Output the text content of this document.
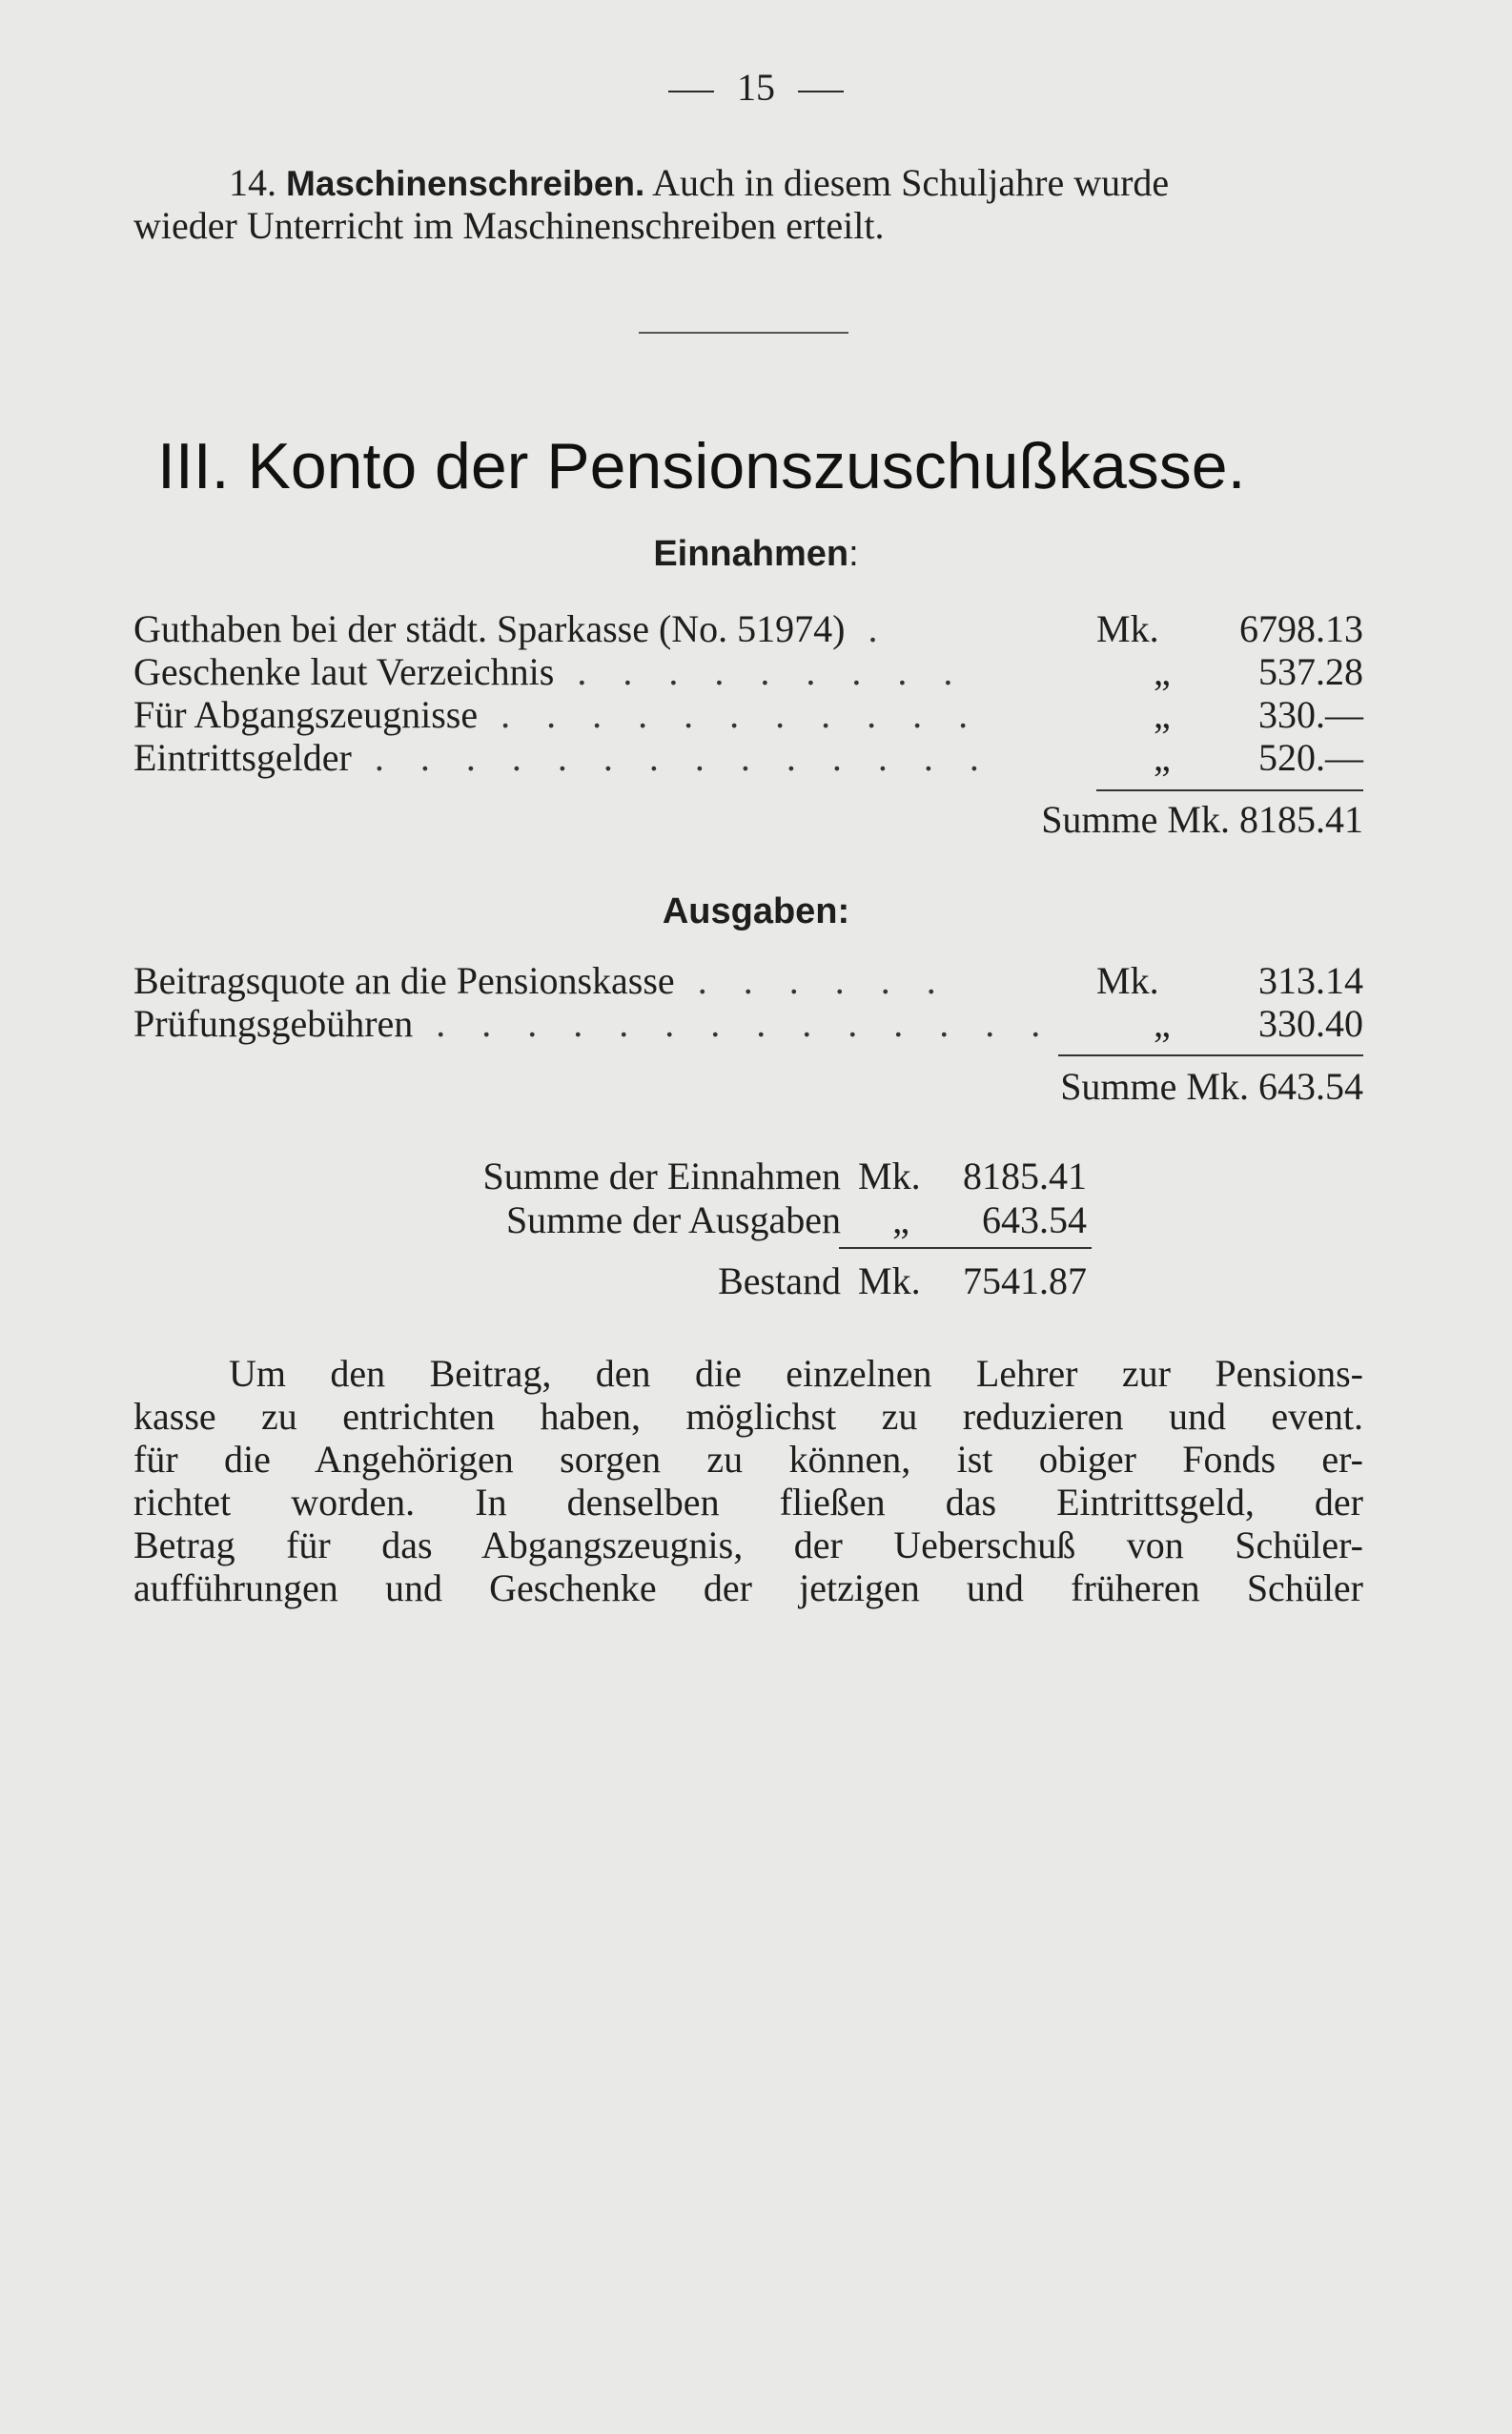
15
14. Maschinenschreiben. Auch in diesem Schuljahre wurde
wieder Unterricht im Maschinenschreiben erteilt.
III. Konto der Pensionszuschußkasse.
Einnahmen:
Guthaben bei der städt. Sparkasse (No. 51974) .	Mk.	6798.13
Geschenke laut Verzeichnis . . . . . . . . .	„	537.28
Für Abgangszeugnisse . . . . . . . . . . .	„	330.—
Eintrittsgelder . . . . . . . . . . . . . .	„	520.—
Summe Mk. 8185.41
Ausgaben:
Beitragsquote an die Pensionskasse . . . . . .	Mk.	313.14
Prüfungsgebühren . . . . . . . . . . . . . .	„	330.40
Summe Mk. 643.54
Summe der Einnahmen Mk.	8185.41
Summe der Ausgaben	„	643.54
Bestand Mk.	7541.87

Um den Beitrag, den die einzelnen Lehrer zur Pensions-

kasse zu entrichten haben, möglichst zu reduzieren und event.

für die Angehörigen sorgen zu können, ist obiger Fonds er-

richtet worden. In denselben fließen das Eintrittsgeld, der

Betrag für das Abgangszeugnis, der Ueberschuß von Schüler-

aufführungen und Geschenke der jetzigen und früheren Schüler
